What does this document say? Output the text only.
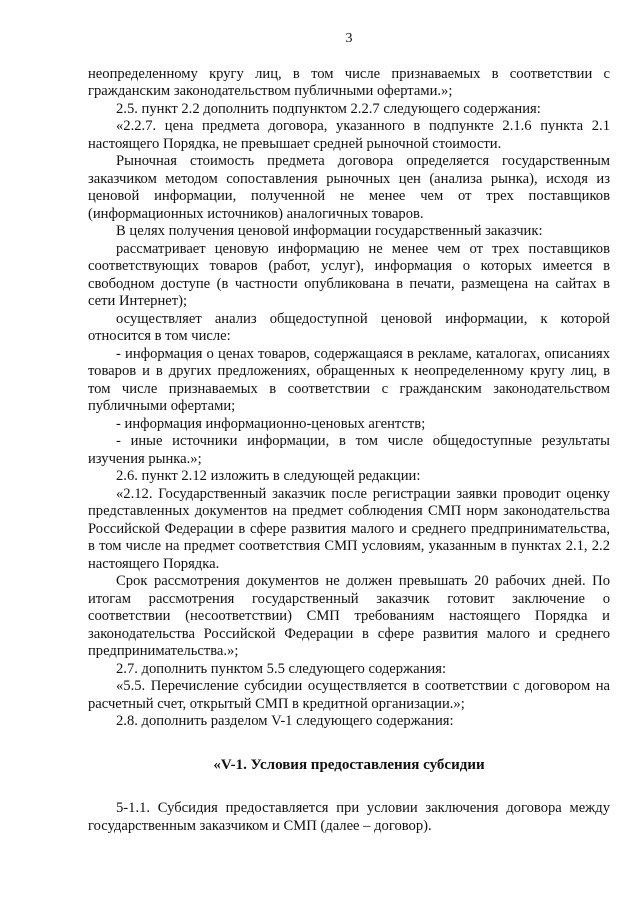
3

неопределенному кругу лиц, в том числе признаваемых в соответствии с гражданским законодательством публичными офертами.»;

2.5. пункт 2.2 дополнить подпунктом 2.2.7 следующего содержания:

«2.2.7. цена предмета договора, указанного в подпункте 2.1.6 пункта 2.1 настоящего Порядка, не превышает средней рыночной стоимости.

Рыночная стоимость предмета договора определяется государственным заказчиком методом сопоставления рыночных цен (анализа рынка), исходя из ценовой информации, полученной не менее чем от трех поставщиков (информационных источников) аналогичных товаров.

В целях получения ценовой информации государственный заказчик:

рассматривает ценовую информацию не менее чем от трех поставщиков соответствующих товаров (работ, услуг), информация о которых имеется в свободном доступе (в частности опубликована в печати, размещена на сайтах в сети Интернет);

осуществляет анализ общедоступной ценовой информации, к которой относится в том числе:

- информация о ценах товаров, содержащаяся в рекламе, каталогах, описаниях товаров и в других предложениях, обращенных к неопределенному кругу лиц, в том числе признаваемых в соответствии с гражданским законодательством публичными офертами;

- информация информационно-ценовых агентств;

- иные источники информации, в том числе общедоступные результаты изучения рынка.»;

2.6. пункт 2.12 изложить в следующей редакции:

«2.12. Государственный заказчик после регистрации заявки проводит оценку представленных документов на предмет соблюдения СМП норм законодательства Российской Федерации в сфере развития малого и среднего предпринимательства, в том числе на предмет соответствия СМП условиям, указанным в пунктах 2.1, 2.2 настоящего Порядка.

Срок рассмотрения документов не должен превышать 20 рабочих дней. По итогам рассмотрения государственный заказчик готовит заключение о соответствии (несоответствии) СМП требованиям настоящего Порядка и законодательства Российской Федерации в сфере развития малого и среднего предпринимательства.»;

2.7. дополнить пунктом 5.5 следующего содержания:

«5.5. Перечисление субсидии осуществляется в соответствии с договором на расчетный счет, открытый СМП в кредитной организации.»;

2.8. дополнить разделом V-1 следующего содержания:

«V-1. Условия предоставления субсидии

5-1.1. Субсидия предоставляется при условии заключения договора между государственным заказчиком и СМП (далее – договор).
